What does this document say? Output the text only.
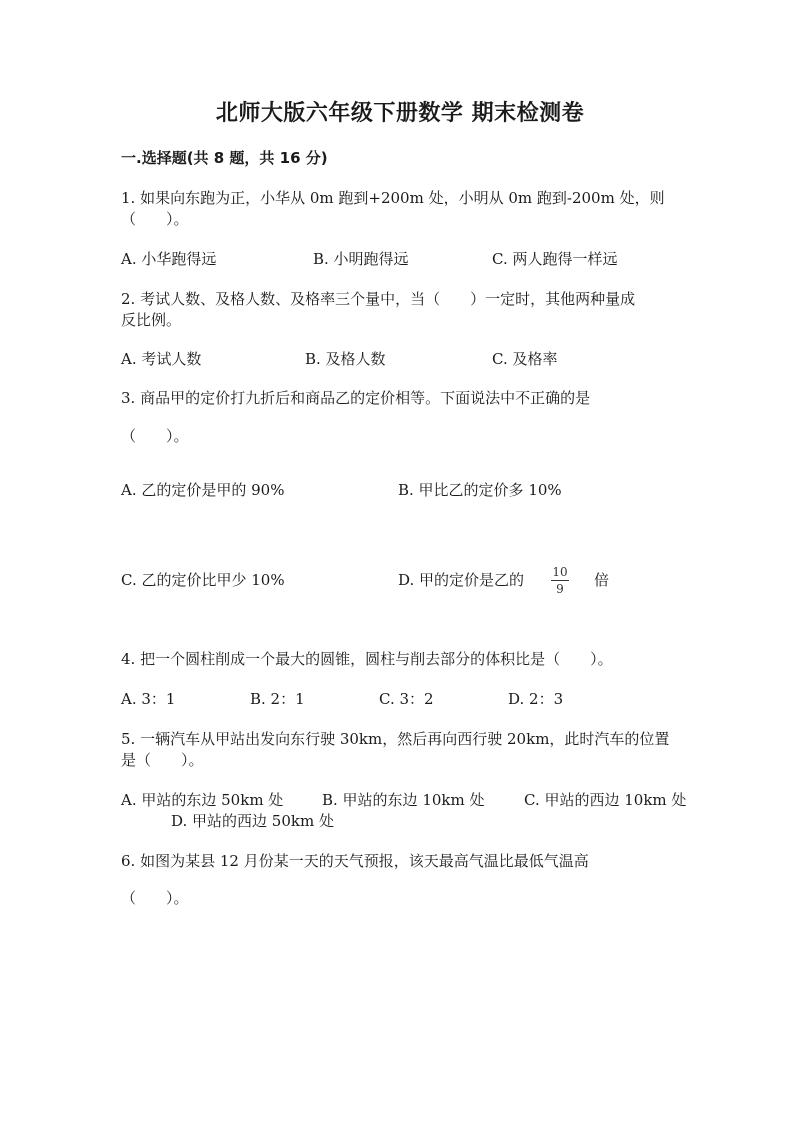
北师大版六年级下册数学 期末检测卷
一.选择题(共 8 题，共 16 分)
1. 如果向东跑为正，小华从 0m 跑到+200m 处，小明从 0m 跑到-200m 处，则
（　　）。
A. 小华跑得远	B. 小明跑得远	C. 两人跑得一样远
2. 考试人数、及格人数、及格率三个量中，当（　　）一定时，其他两种量成
反比例。
A. 考试人数	B. 及格人数	C. 及格率
3. 商品甲的定价打九折后和商品乙的定价相等。下面说法中不正确的是
（　　）。
A. 乙的定价是甲的 90%	B. 甲比乙的定价多 10%
C. 乙的定价比甲少 10%	D. 甲的定价是乙的 10
9	倍
4. 把一个圆柱削成一个最大的圆锥，圆柱与削去部分的体积比是（　　）。
A. 3：1	B. 2：1	C. 3：2	D. 2：3
5. 一辆汽车从甲站出发向东行驶 30km，然后再向西行驶 20km，此时汽车的位置
是（　　）。
A. 甲站的东边 50km 处	B. 甲站的东边 10km 处	C. 甲站的西边 10km 处
D. 甲站的西边 50km 处
6. 如图为某县 12 月份某一天的天气预报，该天最高气温比最低气温高
（　　）。
